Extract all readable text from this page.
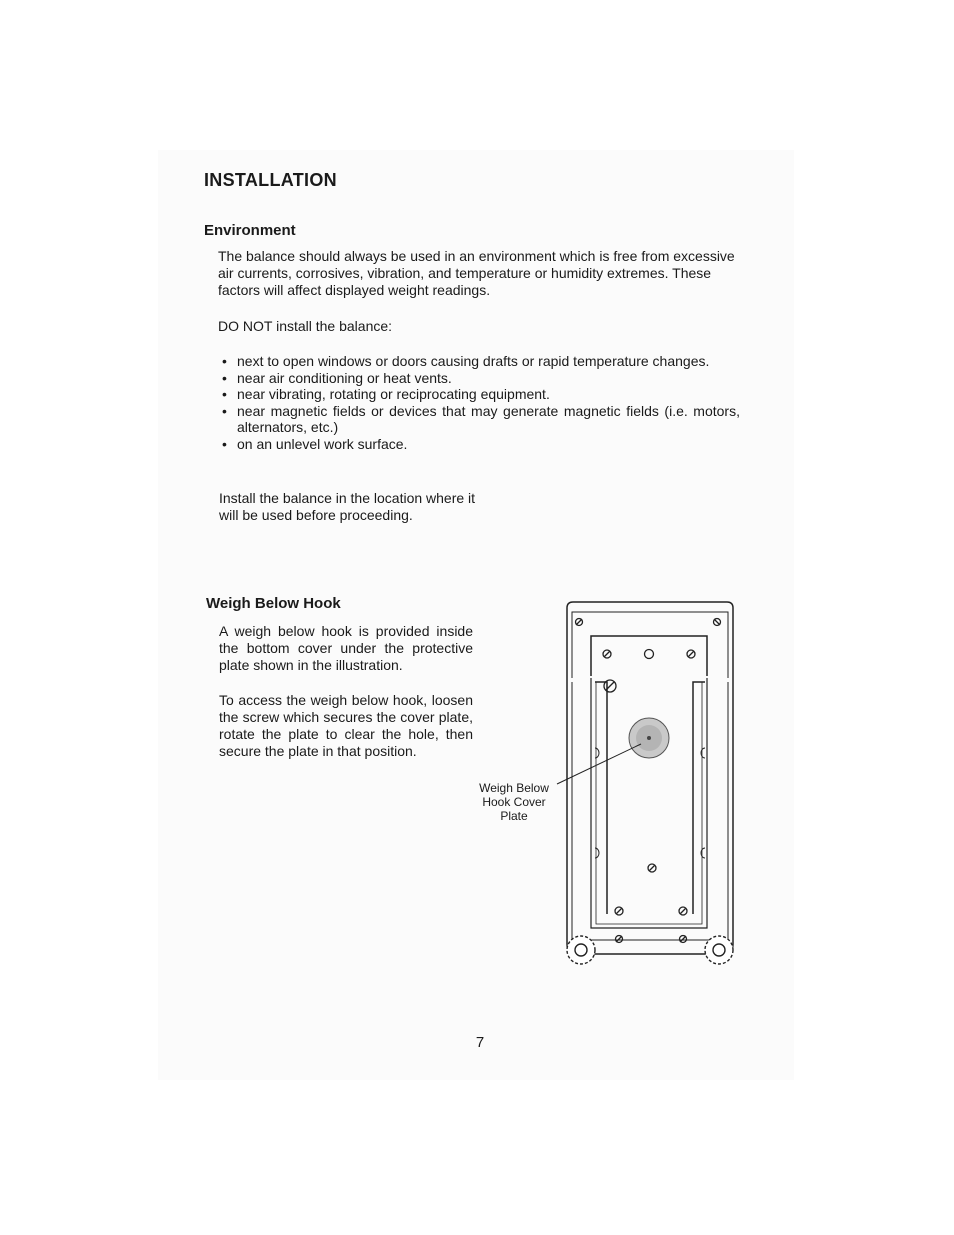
INSTALLATION
Environment
The balance should always be used in an environment which is free from excessive air currents, corrosives, vibration, and temperature or humidity extremes. These factors will affect displayed weight readings.
DO NOT install the balance:
• next to open windows or doors causing drafts or rapid temperature changes.
• near air conditioning or heat vents.
• near vibrating, rotating or reciprocating equipment.
• near magnetic fields or devices that may generate magnetic fields (i.e. motors, alternators, etc.)
• on an unlevel work surface.
Install the balance in the location where it will be used before proceeding.
Weigh Below Hook
A weigh below hook is provided inside the bottom cover under the protective plate shown in the illustration.
To access the weigh below hook, loosen the screw which secures the cover plate, rotate the plate to clear the hole, then secure the plate in that position.
Weigh Below Hook Cover Plate
7
